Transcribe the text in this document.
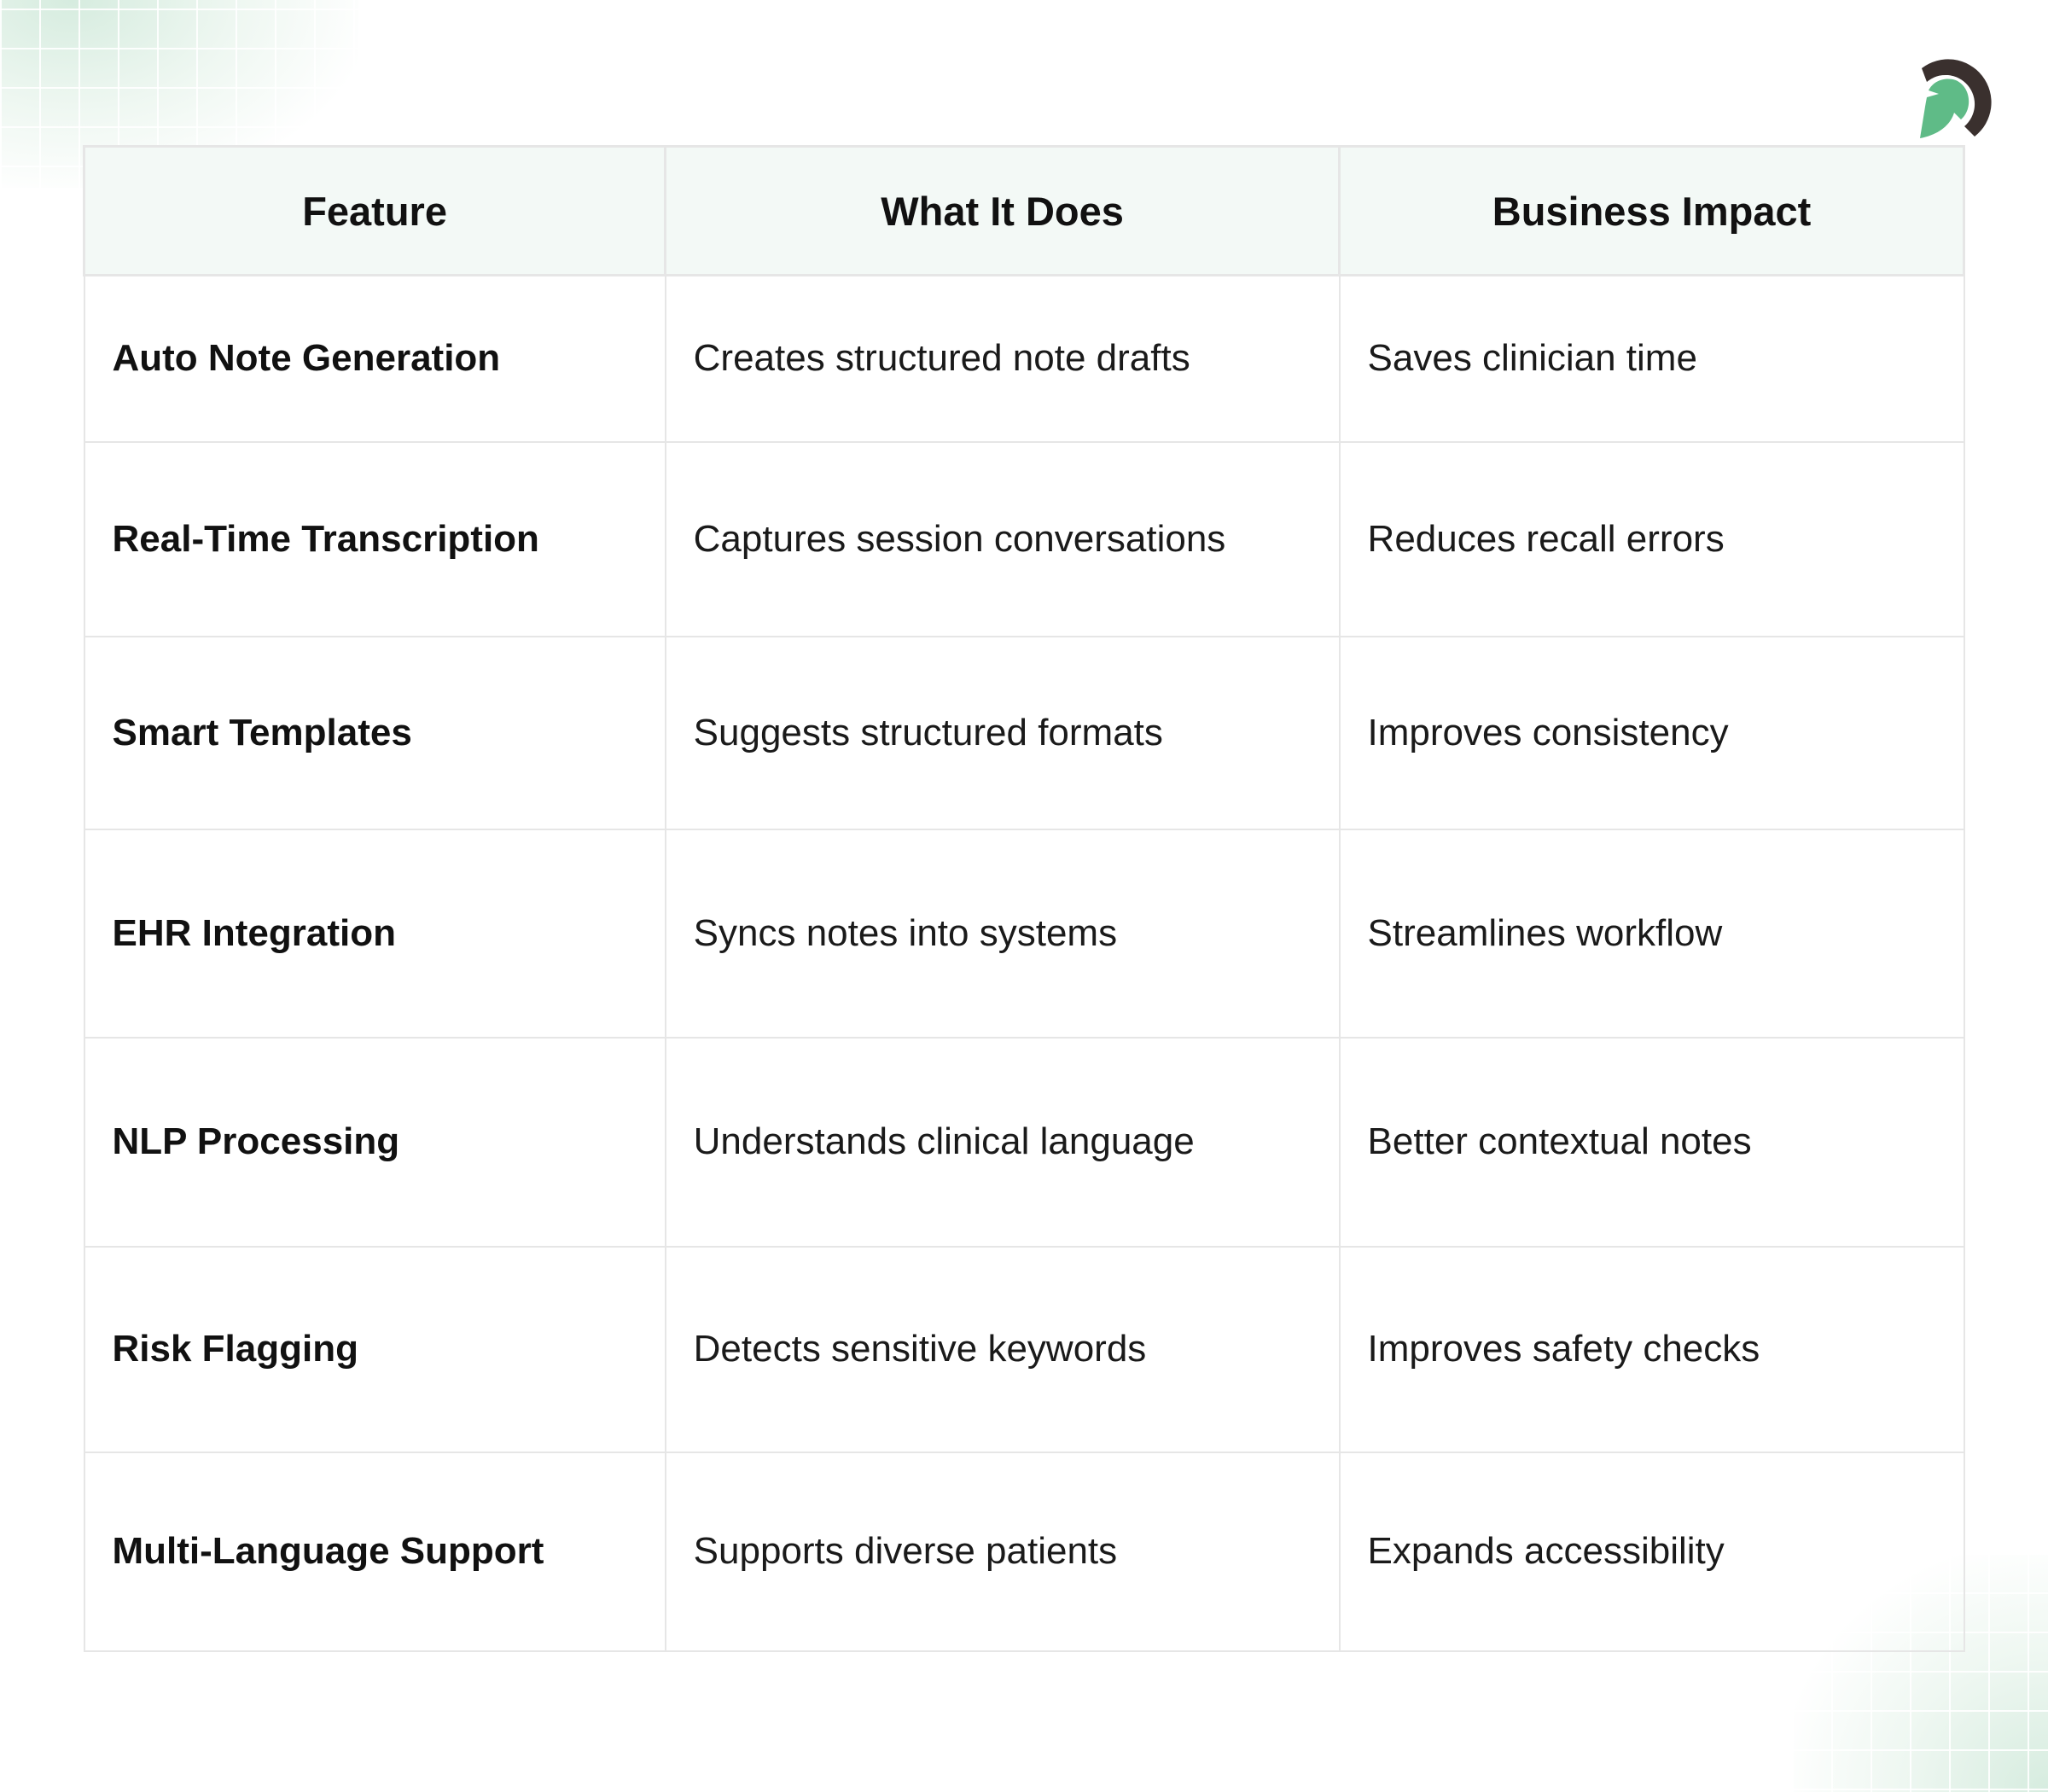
Feature	What It Does	Business Impact
Auto Note Generation	Creates structured note drafts	Saves clinician time
Real-Time Transcription	Captures session conversations	Reduces recall errors
Smart Templates	Suggests structured formats	Improves consistency
EHR Integration	Syncs notes into systems	Streamlines workflow
NLP Processing	Understands clinical language	Better contextual notes
Risk Flagging	Detects sensitive keywords	Improves safety checks
Multi-Language Support	Supports diverse patients	Expands accessibility
